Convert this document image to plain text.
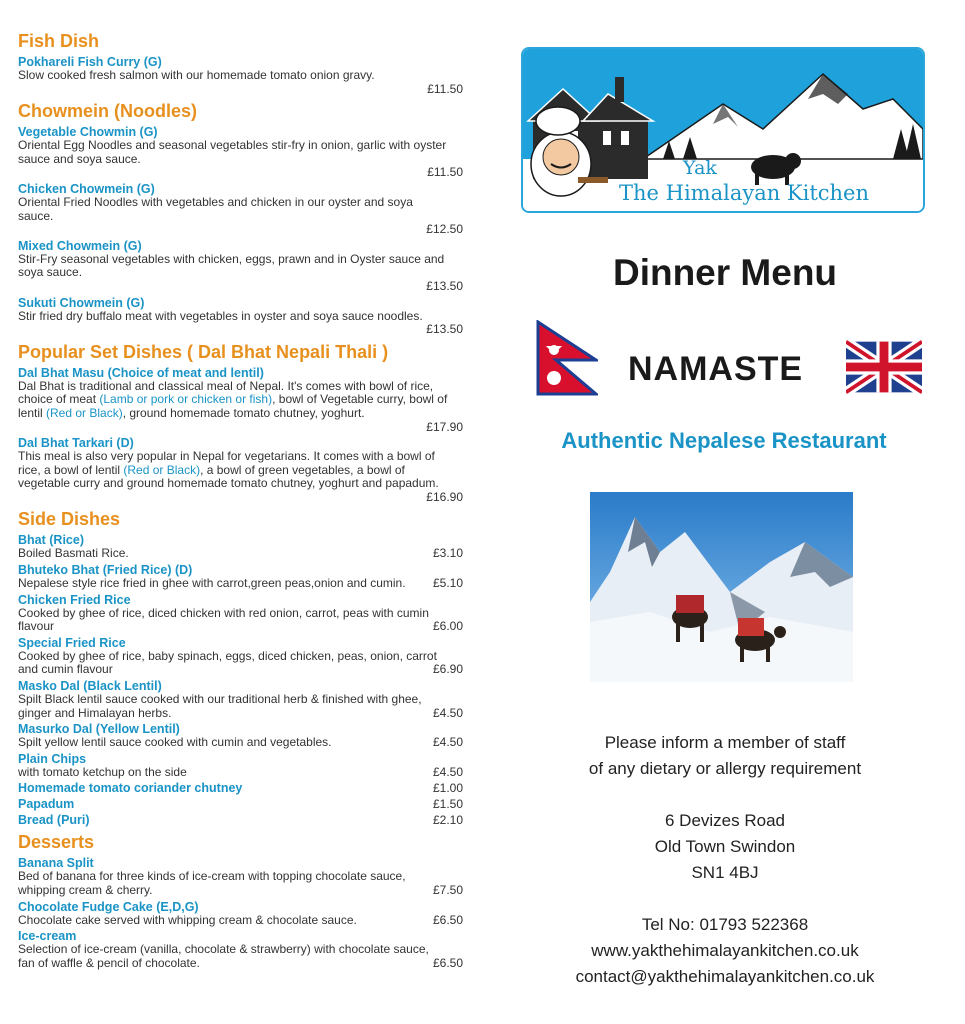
Fish Dish
Pokhareli Fish Curry (G)
Slow cooked fresh salmon with our homemade tomato onion gravy.
£11.50
Chowmein (Noodles)
Vegetable Chowmin (G)
Oriental Egg Noodles and seasonal vegetables stir-fry in onion, garlic with oyster sauce and soya sauce.
£11.50
Chicken Chowmein (G)
Oriental Fried Noodles with vegetables and chicken in our oyster and soya sauce.
£12.50
Mixed Chowmein (G)
Stir-Fry seasonal vegetables with chicken, eggs, prawn and in Oyster sauce and soya sauce.
£13.50
Sukuti Chowmein (G)
Stir fried dry buffalo meat with vegetables in oyster and soya sauce noodles.
£13.50
Popular Set Dishes ( Dal Bhat Nepali Thali )
Dal Bhat Masu (Choice of meat and lentil)
Dal Bhat is traditional and classical meal of Nepal. It's comes with bowl of rice, choice of meat (Lamb or pork or chicken or fish), bowl of Vegetable curry, bowl of lentil (Red or Black), ground homemade tomato chutney, yoghurt.
£17.90
Dal Bhat Tarkari (D)
This meal is also very popular in Nepal for vegetarians. It comes with a bowl of rice, a bowl of lentil (Red or Black), a bowl of green vegetables, a bowl of vegetable curry and ground homemade tomato chutney, yoghurt and papadum.
£16.90
Side Dishes
Bhat (Rice)
Boiled Basmati Rice.	£3.10
Bhuteko Bhat (Fried Rice) (D)
Nepalese style rice fried in ghee with carrot,green peas,onion and cumin.	£5.10
Chicken Fried Rice
Cooked by ghee of rice, diced chicken with red onion, carrot, peas with cumin flavour	£6.00
Special Fried Rice
Cooked by ghee of rice, baby spinach, eggs, diced chicken, peas, onion, carrot and cumin flavour	£6.90
Masko Dal (Black Lentil)
Spilt Black lentil sauce cooked with our traditional herb & finished with ghee, ginger and Himalayan herbs.	£4.50
Masurko Dal (Yellow Lentil)
Spilt yellow lentil sauce cooked with cumin and vegetables.	£4.50
Plain Chips
with tomato ketchup on the side	£4.50
Homemade tomato coriander chutney	£1.00
Papadum	£1.50
Bread (Puri)	£2.10
Desserts
Banana Split
Bed of banana for three kinds of ice-cream with topping chocolate sauce, whipping cream & cherry.	£7.50
Chocolate Fudge Cake (E,D,G)
Chocolate cake served with whipping cream & chocolate sauce.	£6.50
Ice-cream
Selection of ice-cream (vanilla, chocolate & strawberry) with chocolate sauce, fan of waffle & pencil of chocolate.	£6.50
Yak
The Himalayan Kitchen
Dinner Menu
NAMASTE
Authentic Nepalese Restaurant
Please inform a member of staff
of any dietary or allergy requirement
6 Devizes Road
Old Town Swindon
SN1 4BJ
Tel No: 01793 522368
www.yakthehimalayankitchen.co.uk
contact@yakthehimalayankitchen.co.uk
